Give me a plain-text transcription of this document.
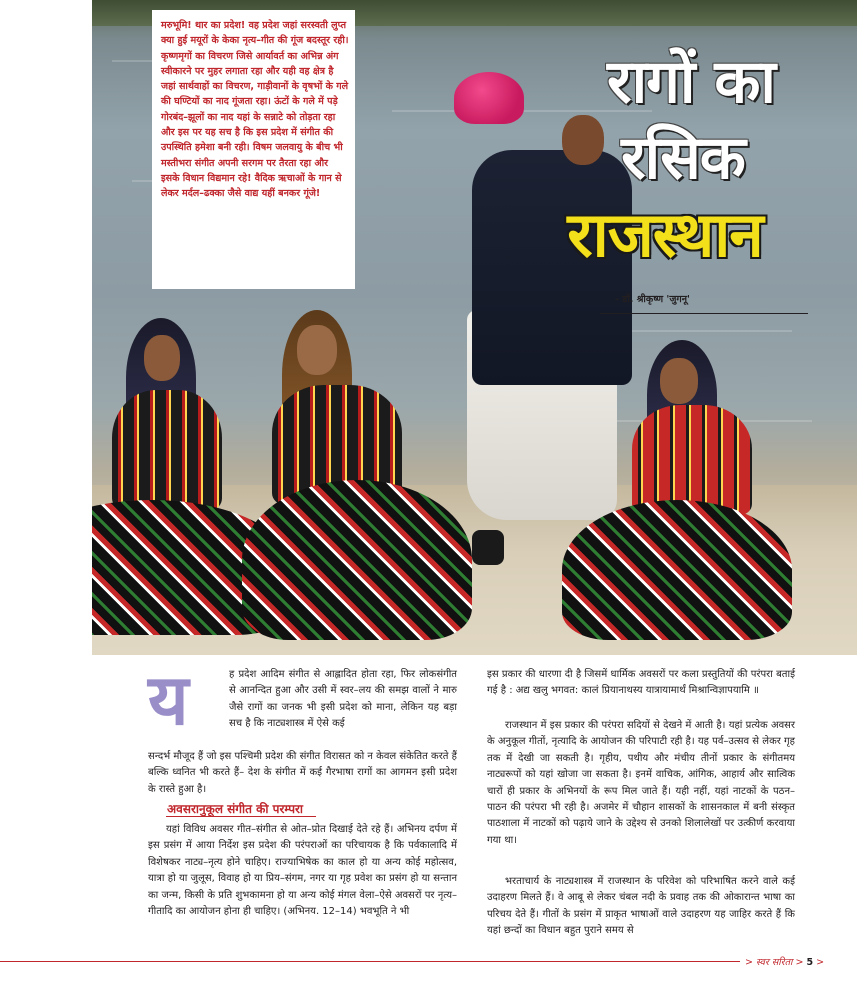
मरुभूमि! थार का प्रदेश! वह प्रदेश जहां सरस्वती लुप्त क्या हुई मयूरों के केका नृत्य–गीत की गूंज बदस्तूर रही। कृष्णमृगों का विचरण जिसे आर्यावर्त का अभिन्न अंग स्वीकारने पर मुहर लगाता रहा और यही वह क्षेत्र है जहां सार्थवाहों का विचरण, गाड़ीवानों के वृषभों के गले की घण्टियों का नाद गूंजता रहा। ऊंटों के गले में पड़े गोरबंद–झूलों का नाद यहां के सन्नाटे को तोड़ता रहा और इस पर यह सच है कि इस प्रदेश में संगीत की उपस्थिति हमेशा बनी रही। विषम जलवायु के बीच भी मस्तीभरा संगीत अपनी सरगम पर तैरता रहा और इसके विधान विद्यमान रहे! वैदिक ऋचाओं के गान से लेकर मर्दल–ढक्का जैसे वाद्य यहीं बनकर गूंजे!

रागों का
रसिक
राजस्थान
- डॉ. श्रीकृष्ण 'जुगनू'
य	ह प्रदेश आदिम संगीत से आह्लादित होता रहा, फिर लोकसंगीत से आनन्दित हुआ और उसी में स्वर–लय की समझ वालों ने मारु जैसे रागों का जनक भी इसी प्रदेश को माना, लेकिन यह बड़ा सच है कि नाट्यशास्त्र में ऐसे कई
सन्दर्भ मौजूद हैं जो इस पश्चिमी प्रदेश की संगीत विरासत को न केवल संकेतित करते हैं बल्कि ध्वनित भी करते हैं– देश के संगीत में कई गैरभाषा रागों का आगमन इसी प्रदेश के रास्ते हुआ है।
अवसरानुकूल संगीत की परम्परा
यहां विविध अवसर गीत–संगीत से ओत–प्रोत दिखाई देते रहे हैं। अभिनय दर्पण में इस प्रसंग में आया निर्देश इस प्रदेश की परंपराओं का परिचायक है कि पर्वकालादि में विशेषकर नाट्य–नृत्य होने चाहिए। राज्याभिषेक का काल हो या अन्य कोई महोत्सव, यात्रा हो या जुलूस, विवाह हो या प्रिय–संगम, नगर या गृह प्रवेश का प्रसंग हो या सन्तान का जन्म, किसी के प्रति शुभकामना हो या अन्य कोई मंगल वेला–ऐसे अवसरों पर नृत्य–गीतादि का आयोजन होना ही चाहिए। (अभिनय. 12–14) भवभूति ने भी
इस प्रकार की धारणा दी है जिसमें धार्मिक अवसरों पर कला प्रस्तुतियों की परंपरा बताई गई है : अद्य खलु भगवत: कालं प्रियानाथस्य यात्रायामार्थं मिश्रान्विज्ञापयामि ॥
राजस्थान में इस प्रकार की परंपरा सदियों से देखने में आती है। यहां प्रत्येक अवसर के अनुकूल गीतों, नृत्यादि के आयोजन की परिपाटी रही है। यह पर्व–उत्सव से लेकर गृह तक में देखी जा सकती है। गृहीय, पथीय और मंचीय तीनों प्रकार के संगीतमय नाट्यरूपों को यहां खोजा जा सकता है। इनमें वाचिक, आंगिक, आहार्य और सात्विक चारों ही प्रकार के अभिनयों के रूप मिल जाते हैं। यही नहीं, यहां नाटकों के पठन–पाठन की परंपरा भी रही है। अजमेर में चौहान शासकों के शासनकाल में बनी संस्कृत पाठशाला में नाटकों को पढ़ाये जाने के उद्देश्य से उनको शिलालेखों पर उत्कीर्ण करवाया गया था।
भरताचार्य के नाट्यशास्त्र में राजस्थान के परिवेश को परिभाषित करने वाले कई उदाहरण मिलते हैं। वे आबू से लेकर चंबल नदी के प्रवाह तक की ओकारान्त भाषा का परिचय देते हैं। गीतों के प्रसंग में प्राकृत भाषाओं वाले उदाहरण यह जाहिर करते हैं कि यहां छन्दों का विधान बहुत पुराने समय से
> स्वर सरिता > 5 >
